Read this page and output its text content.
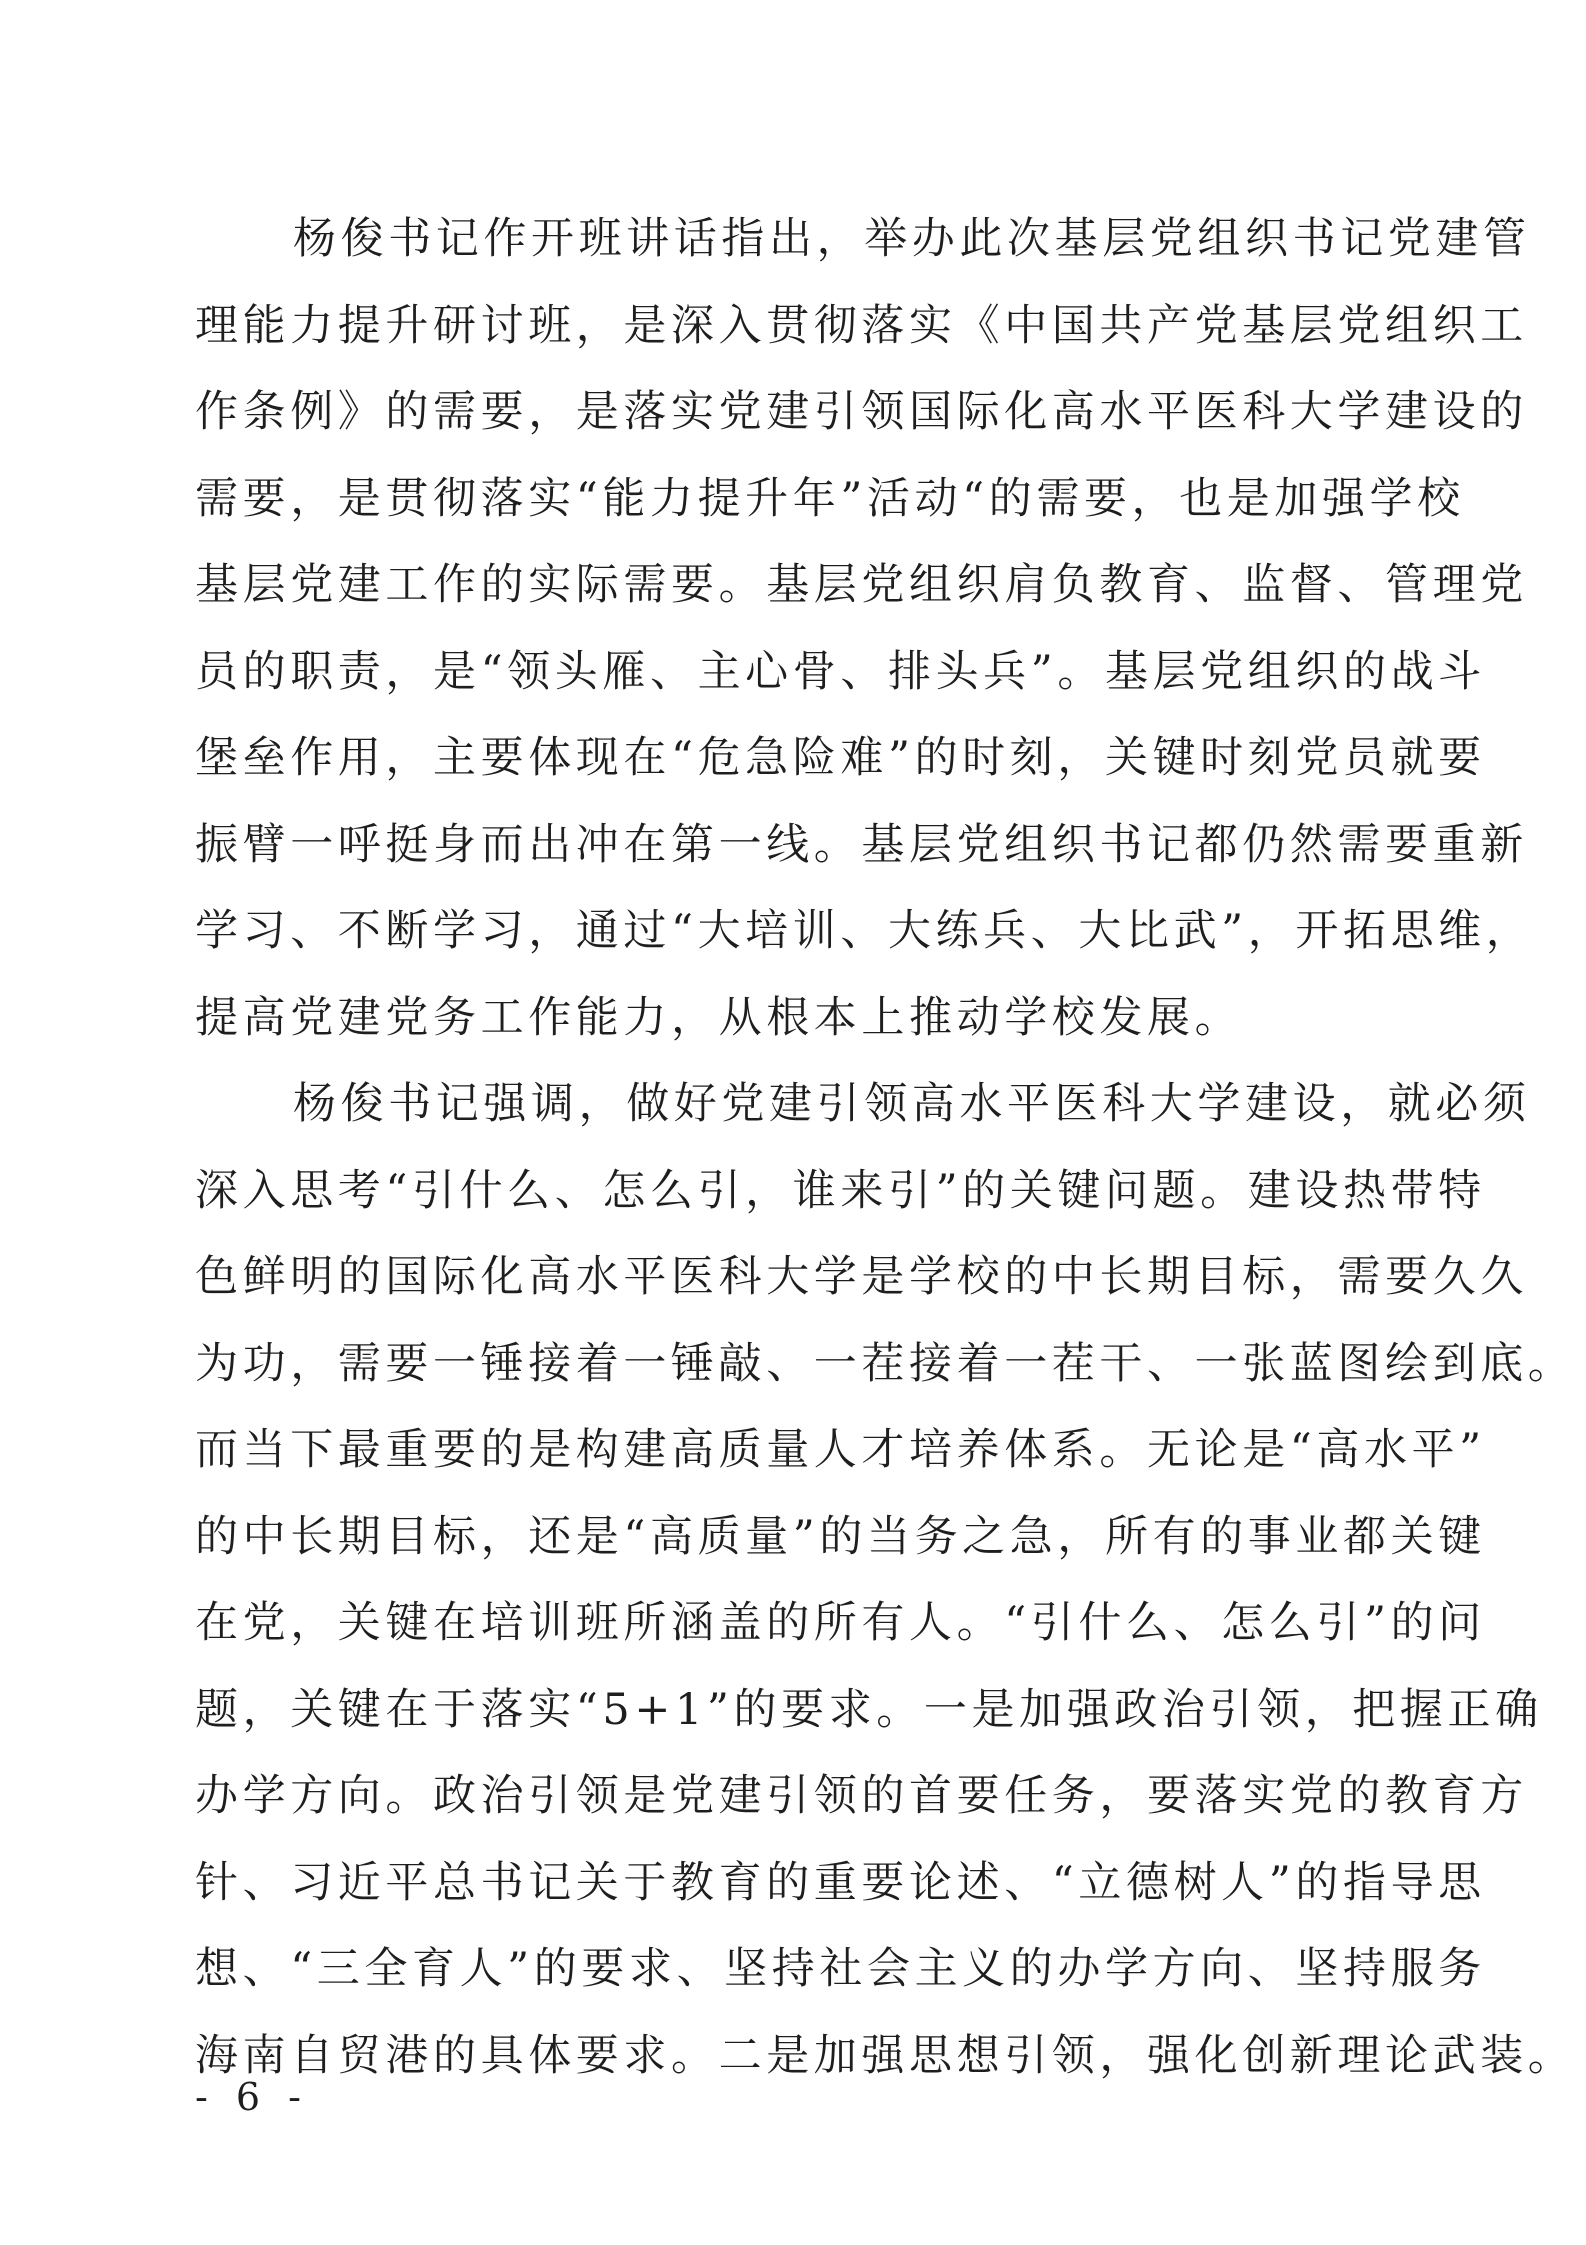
杨俊书记作开班讲话指出，举办此次基层党组织书记党建管
理能力提升研讨班，是深入贯彻落实《中国共产党基层党组织工
作条例》的需要，是落实党建引领国际化高水平医科大学建设的
需要，是贯彻落实“能力提升年”活动“的需要，也是加强学校
基层党建工作的实际需要。基层党组织肩负教育、监督、管理党
员的职责，是“领头雁、主心骨、排头兵”。基层党组织的战斗
堡垒作用，主要体现在“危急险难”的时刻，关键时刻党员就要
振臂一呼挺身而出冲在第一线。基层党组织书记都仍然需要重新
学习、不断学习，通过“大培训、大练兵、大比武”，开拓思维，
提高党建党务工作能力，从根本上推动学校发展。
杨俊书记强调，做好党建引领高水平医科大学建设，就必须
深入思考“引什么、怎么引，谁来引”的关键问题。建设热带特
色鲜明的国际化高水平医科大学是学校的中长期目标，需要久久
为功，需要一锤接着一锤敲、一茬接着一茬干、一张蓝图绘到底。
而当下最重要的是构建高质量人才培养体系。无论是“高水平”
的中长期目标，还是“高质量”的当务之急，所有的事业都关键
在党，关键在培训班所涵盖的所有人。“引什么、怎么引”的问
题，关键在于落实“5+1”的要求。一是加强政治引领，把握正确
办学方向。政治引领是党建引领的首要任务，要落实党的教育方
针、习近平总书记关于教育的重要论述、“立德树人”的指导思
想、“三全育人”的要求、坚持社会主义的办学方向、坚持服务
海南自贸港的具体要求。二是加强思想引领，强化创新理论武装。
- 6 -
